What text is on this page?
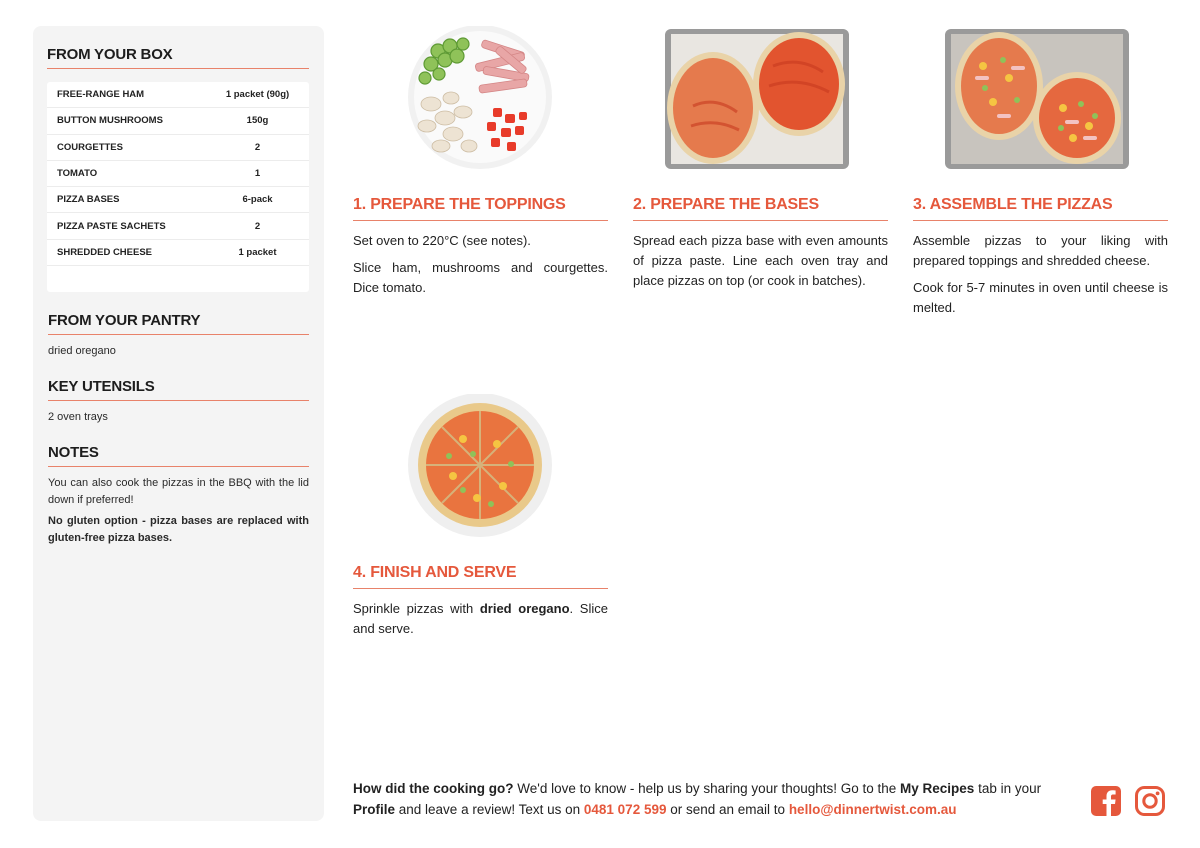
FROM YOUR BOX
FREE-RANGE HAM	1 packet (90g)
BUTTON MUSHROOMS	150g
COURGETTES	2
TOMATO	1
PIZZA BASES	6-pack
PIZZA PASTE SACHETS	2
SHREDDED CHEESE	1 packet
FROM YOUR PANTRY
dried oregano
KEY UTENSILS
2 oven trays
NOTES
You can also cook the pizzas in the BBQ with the lid down if preferred!
No gluten option - pizza bases are replaced with gluten-free pizza bases.
1. PREPARE THE TOPPINGS

Set oven to 220°C (see notes).

Slice ham, mushrooms and courgettes. Dice tomato.

2. PREPARE THE BASES

Spread each pizza base with even amounts of pizza paste. Line each oven tray and place pizzas on top (or cook in batches).

3. ASSEMBLE THE PIZZAS

Assemble pizzas to your liking with prepared toppings and shredded cheese.

Cook for 5-7 minutes in oven until cheese is melted.

4. FINISH AND SERVE

Sprinkle pizzas with dried oregano. Slice and serve.

How did the cooking go? We'd love to know - help us by sharing your thoughts! Go to the My Recipes tab in your Profile and leave a review! Text us on 0481 072 599 or send an email to hello@dinnertwist.com.au
